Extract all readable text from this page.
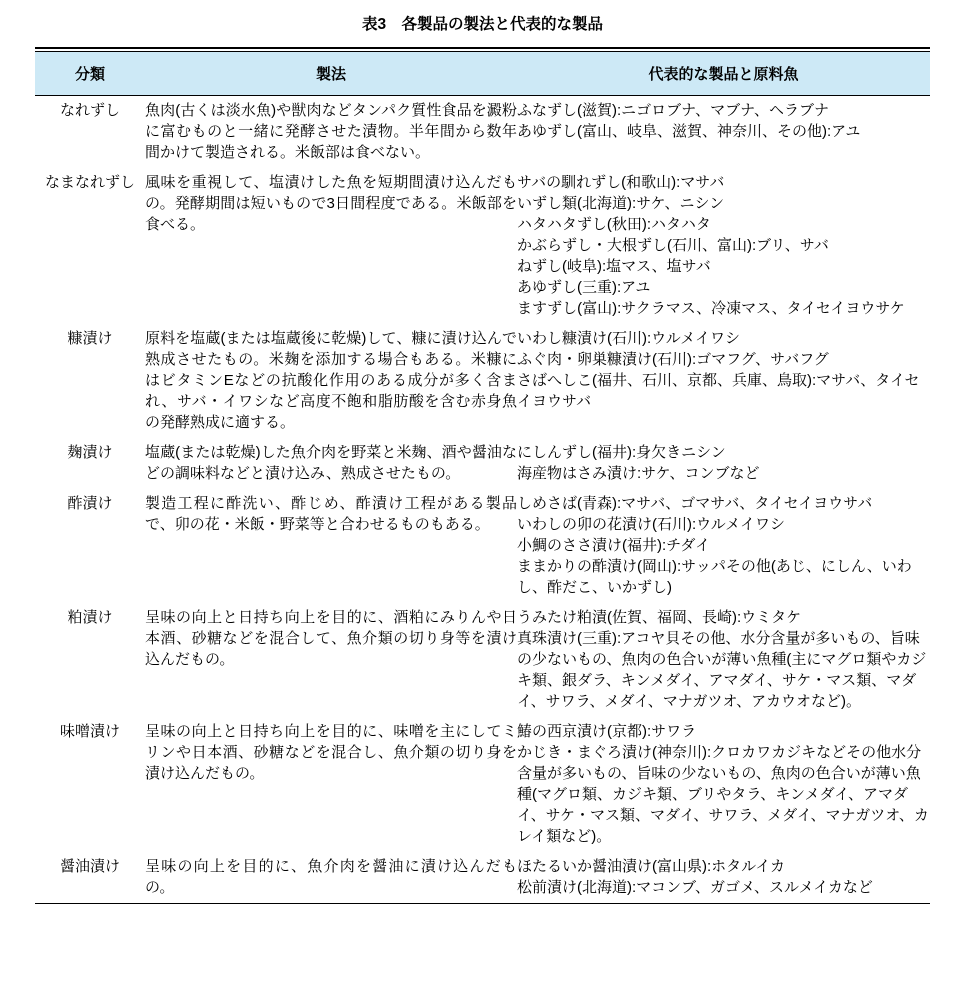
表3　各製品の製法と代表的な製品
分類	製法	代表的な製品と原料魚
なれずし	魚肉(古くは淡水魚)や獣肉などタンパク質性食品を澱粉に富むものと一緒に発酵させた漬物。半年間から数年間かけて製造される。米飯部は食べない。	ふなずし(滋賀):ニゴロブナ、マブナ、ヘラブナ
あゆずし(富山、岐阜、滋賀、神奈川、その他):アユ

なまなれずし	風味を重視して、塩漬けした魚を短期間漬け込んだもの。発酵期間は短いもので3日間程度である。米飯部を食べる。	
サバの馴れずし(和歌山):マサバ
いずし類(北海道):サケ、ニシン
ハタハタずし(秋田):ハタハタ
かぶらずし・大根ずし(石川、富山):ブリ、サバ
ねずし(岐阜):塩マス、塩サバ
あゆずし(三重):アユ
ますずし(富山):サクラマス、冷凍マス、タイセイヨウサケ

糠漬け	原料を塩蔵(または塩蔵後に乾燥)して、糠に漬け込んで熟成させたもの。米麹を添加する場合もある。米糠にはビタミンEなどの抗酸化作用のある成分が多く含まれ、サバ・イワシなど高度不飽和脂肪酸を含む赤身魚の発酵熟成に適する。	いわし糠漬け(石川):ウルメイワシ
ふぐ肉・卵巣糠漬け(石川):ゴマフグ、サバフグ
さばへしこ(福井、石川、京都、兵庫、鳥取):マサバ、タイセイヨウサバ

麹漬け	塩蔵(または乾燥)した魚介肉を野菜と米麹、酒や醤油などの調味料などと漬け込み、熟成させたもの。	にしんずし(福井):身欠きニシン
海産物はさみ漬け:サケ、コンブなど

酢漬け	製造工程に酢洗い、酢じめ、酢漬け工程がある製品で、卯の花・米飯・野菜等と合わせるものもある。	しめさば(青森):マサバ、ゴマサバ、タイセイヨウサバ
いわしの卯の花漬け(石川):ウルメイワシ
小鯛のささ漬け(福井):チダイ
ままかりの酢漬け(岡山):サッパその他(あじ、にしん、いわし、酢だこ、いかずし)

粕漬け	呈味の向上と日持ち向上を目的に、酒粕にみりんや日本酒、砂糖などを混合して、魚介類の切り身等を漬け込んだもの。	うみたけ粕漬(佐賀、福岡、長崎):ウミタケ
真珠漬け(三重):アコヤ貝その他、水分含量が多いもの、旨味の少ないもの、魚肉の色合いが薄い魚種(主にマグロ類やカジキ類、銀ダラ、キンメダイ、アマダイ、サケ・マス類、マダイ、サワラ、メダイ、マナガツオ、アカウオなど)。

味噌漬け	呈味の向上と日持ち向上を目的に、味噌を主にしてミリンや日本酒、砂糖などを混合し、魚介類の切り身を漬け込んだもの。	鰆の西京漬け(京都):サワラ
かじき・まぐろ漬け(神奈川):クロカワカジキなどその他水分含量が多いもの、旨味の少ないもの、魚肉の色合いが薄い魚種(マグロ類、カジキ類、ブリやタラ、キンメダイ、アマダイ、サケ・マス類、マダイ、サワラ、メダイ、マナガツオ、カレイ類など)。

醤油漬け	呈味の向上を目的に、魚介肉を醤油に漬け込んだもの。	ほたるいか醤油漬け(富山県):ホタルイカ
松前漬け(北海道):マコンブ、ガゴメ、スルメイカなど
